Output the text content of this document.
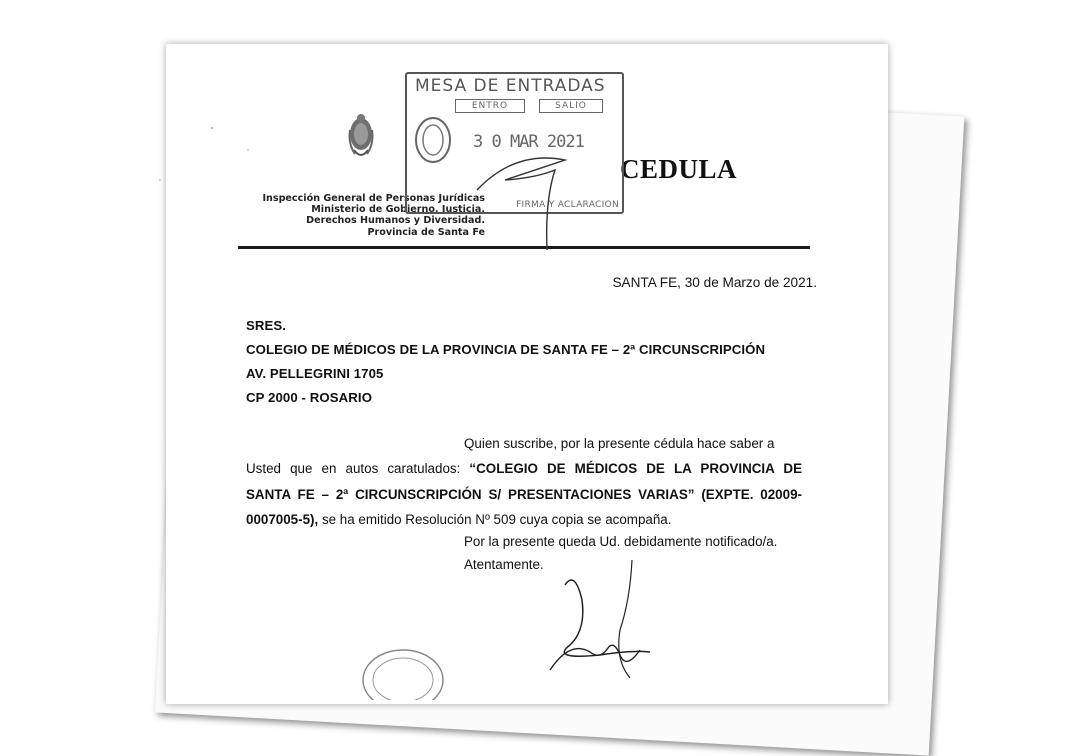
Inspección General de Personas Jurídicas
Ministerio de Gobierno, Justicia,
Derechos Humanos y Diversidad.
Provincia de Santa Fe
CEDULA
MESA DE ENTRADAS
ENTRO	SALIO
3 0 MAR 2021
FIRMA Y ACLARACION
SANTA FE, 30 de Marzo de 2021.
SRES.
COLEGIO DE MÉDICOS DE LA PROVINCIA DE SANTA FE – 2ª CIRCUNSCRIPCIÓN
AV. PELLEGRINI 1705
CP 2000 - ROSARIO
Quien suscribe, por la presente cédula hace saber a
Usted que en autos caratulados: “COLEGIO DE MÉDICOS DE LA PROVINCIA DE
SANTA FE – 2ª CIRCUNSCRIPCIÓN S/ PRESENTACIONES VARIAS” (EXPTE. 02009-
0007005-5), se ha emitido Resolución Nº 509 cuya copia se acompaña.
Por la presente queda Ud. debidamente notificado/a.
Atentamente.
